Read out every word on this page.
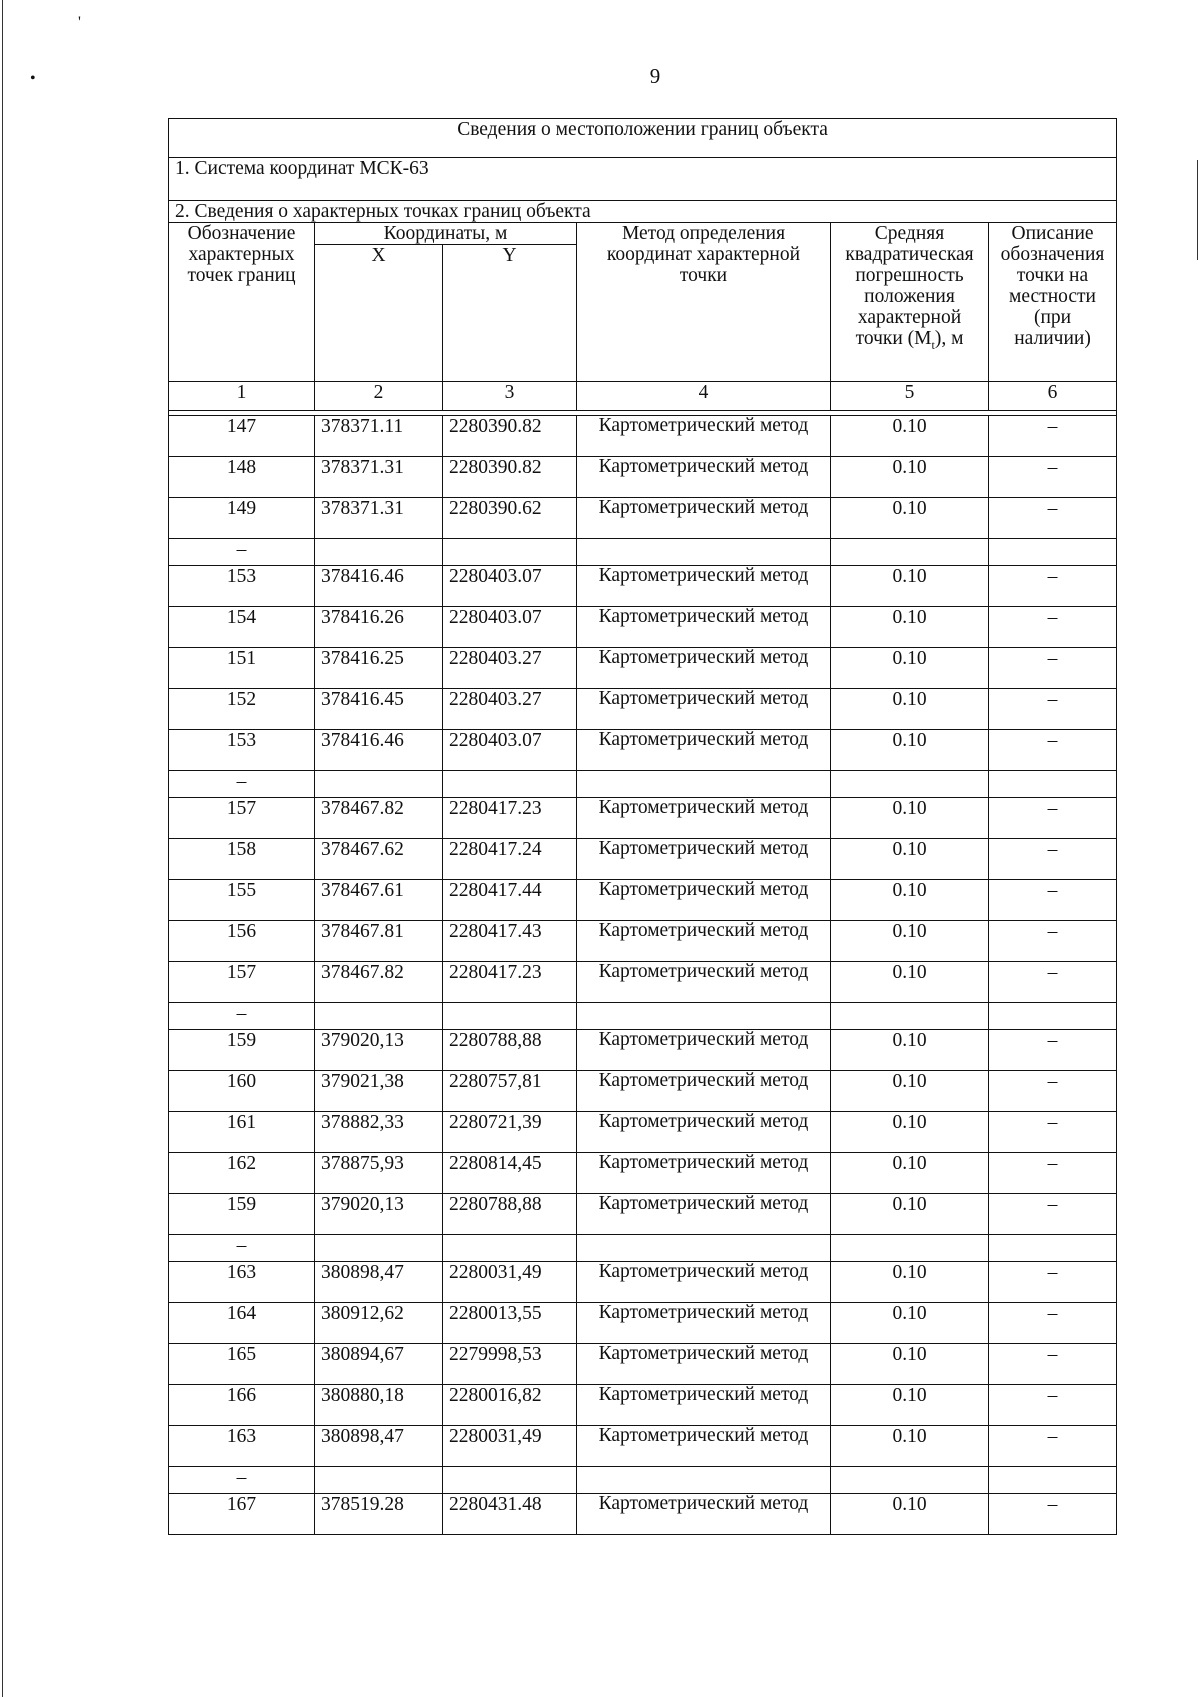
'
•	9
Сведения о местоположении границ объекта					
1. Система координат МСК-63					
2. Сведения о характерных точках границ объекта					
Обозначение характерных точек границ	Координаты, м		Метод определения координат характерной точки	Средняя квадратическая погрешность положения характерной точки $(M_t)$, м	Описание обозначения точки на местности (при наличии)
	X	Y			
1	2	3	4	5	6

147	378371.11	2280390.82	Картометрический метод	0.10	–
148	378371.31	2280390.82	Картометрический метод	0.10	–
149	378371.31	2280390.62	Картометрический метод	0.10	–
–					
153	378416.46	2280403.07	Картометрический метод	0.10	–
154	378416.26	2280403.07	Картометрический метод	0.10	–
151	378416.25	2280403.27	Картометрический метод	0.10	–
152	378416.45	2280403.27	Картометрический метод	0.10	–
153	378416.46	2280403.07	Картометрический метод	0.10	–
–					
157	378467.82	2280417.23	Картометрический метод	0.10	–
158	378467.62	2280417.24	Картометрический метод	0.10	–
155	378467.61	2280417.44	Картометрический метод	0.10	–
156	378467.81	2280417.43	Картометрический метод	0.10	–
157	378467.82	2280417.23	Картометрический метод	0.10	–
–					
159	379020,13	2280788,88	Картометрический метод	0.10	–
160	379021,38	2280757,81	Картометрический метод	0.10	–
161	378882,33	2280721,39	Картометрический метод	0.10	–
162	378875,93	2280814,45	Картометрический метод	0.10	–
159	379020,13	2280788,88	Картометрический метод	0.10	–
–					
163	380898,47	2280031,49	Картометрический метод	0.10	–
164	380912,62	2280013,55	Картометрический метод	0.10	–
165	380894,67	2279998,53	Картометрический метод	0.10	–
166	380880,18	2280016,82	Картометрический метод	0.10	–
163	380898,47	2280031,49	Картометрический метод	0.10	–
–					
167	378519.28	2280431.48	Картометрический метод	0.10	–
